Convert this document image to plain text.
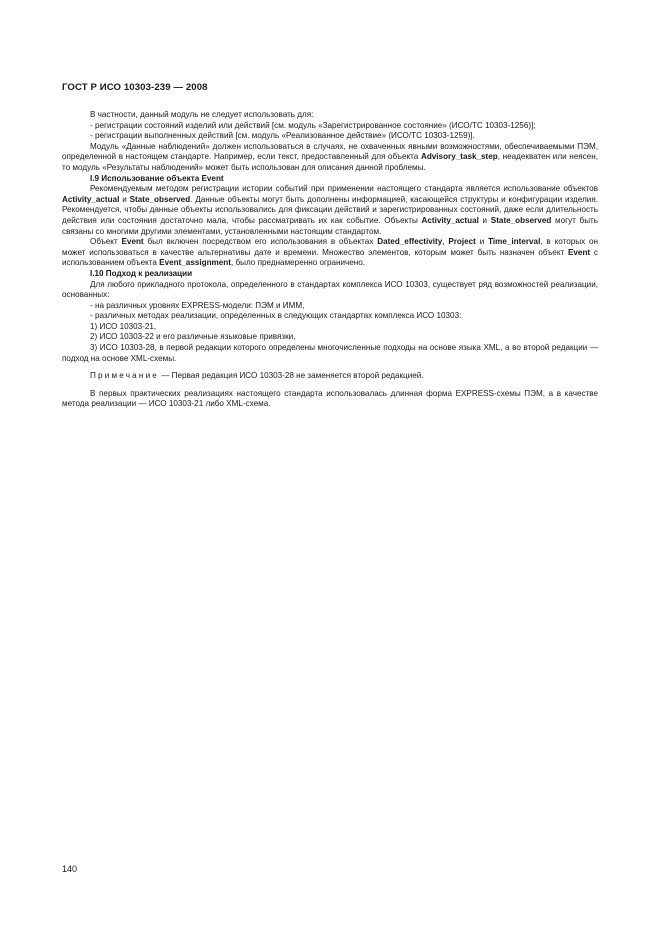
ГОСТ Р ИСО 10303-239 — 2008

В частности, данный модуль не следует использовать для:

- регистрации состояний изделий или действий [см. модуль «Зарегистрированное состояние» (ИСО/ТС 10303-1256)];

- регистрации выполненных действий [см. модуль «Реализованное действие» (ИСО/ТС 10303-1259)].

Модуль «Данные наблюдений» должен использоваться в случаях, не охваченных явными возможностями, обеспечиваемыми ПЭМ, определенной в настоящем стандарте. Например, если текст, предоставленный для объекта Advisory_task_step, неадекватен или неясен, то модуль «Результаты наблюдений» может быть использован для описания данной проблемы.

I.9 Использование объекта Event

Рекомендуемым методом регистрации истории событий при применении настоящего стандарта является использование объектов Activity_actual и State_observed. Данные объекты могут быть дополнены информацией, касающейся структуры и конфигурации изделия. Рекомендуется, чтобы данные объекты использовались для фиксации действий и зарегистрированных состояний, даже если длительность действия или состояния достаточно мала, чтобы рассматривать их как событие. Объекты Activity_actual и State_observed могут быть связаны со многими другими элементами, установленными настоящим стандартом.

Объект Event был включен посредством его использования в объектах Dated_effectivity, Project и Time_interval, в которых он может использоваться в качестве альтернативы дате и времени. Множество элементов, которым может быть назначен объект Event с использованием объекта Event_assignment, было преднамеренно ограничено.

I.10 Подход к реализации

Для любого прикладного протокола, определенного в стандартах комплекса ИСО 10303, существует ряд возможностей реализации, основанных:

- на различных уровнях EXPRESS-модели: ПЭМ и ИММ,

- различных методах реализации, определенных в следующих стандартах комплекса ИСО 10303:

1) ИСО 10303-21,

2) ИСО 10303-22 и его различные языковые привязки,

3) ИСО 10303-28, в первой редакции которого определены многочисленные подходы на основе языка XML, а во второй редакции — подход на основе XML-схемы.

Примечание — Первая редакция ИСО 10303-28 не заменяется второй редакцией.

В первых практических реализациях настоящего стандарта использовалась длинная форма EXPRESS-схемы ПЭМ, а в качестве метода реализации — ИСО 10303-21 либо XML-схема.

140
